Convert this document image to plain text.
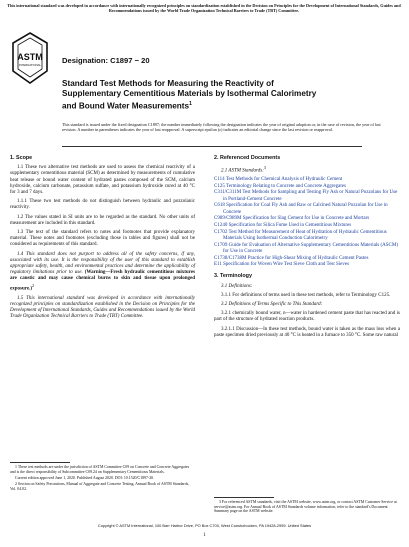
This international standard was developed in accordance with internationally recognized principles on standardization established in the Decision on Principles for the Development of International Standards, Guides and Recommendations issued by the World Trade Organization Technical Barriers to Trade (TBT) Committee.
ASTM
INTERNATIONAL	Designation: C1897 − 20
Standard Test Methods for Measuring the Reactivity of Supplementary Cementitious Materials by Isothermal Calorimetry and Bound Water Measurements$^1$
This standard is issued under the fixed designation C1897; the number immediately following the designation indicates the year of original adoption or, in the case of revision, the year of last revision. A number in parentheses indicates the year of last reapproval. A superscript epsilon (ε) indicates an editorial change since the last revision or reapproval.
1. Scope
1.1 These two alternative test methods are used to assess the chemical reactivity of a supplementary cementitious material (SCM) as determined by measurements of cumulative heat release or bound water content of hydrated pastes composed of the SCM, calcium hydroxide, calcium carbonate, potassium sulfate, and potassium hydroxide cured at 40 °C for 3 and 7 days.
1.1.1 These two test methods do not distinguish between hydraulic and pozzolanic reactivity.
1.2 The values stated in SI units are to be regarded as the standard. No other units of measurement are included in this standard.
1.3 The text of the standard refers to notes and footnotes that provide explanatory material. These notes and footnotes (excluding those in tables and figures) shall not be considered as requirements of this standard.
1.4 This standard does not purport to address all of the safety concerns, if any, associated with its use. It is the responsibility of the user of this standard to establish appropriate safety, health, and environmental practices and determine the applicability of regulatory limitations prior to use. (Warning—Fresh hydraulic cementitious mixtures are caustic and may cause chemical burns to skin and tissue upon prolonged exposure.)$^2$
1.5 This international standard was developed in accordance with internationally recognized principles on standardization established in the Decision on Principles for the Development of International Standards, Guides and Recommendations issued by the World Trade Organization Technical Barriers to Trade (TBT) Committee.
2. Referenced Documents
2.1 ASTM Standards:$^3$
C114 Test Methods for Chemical Analysis of Hydraulic Cement
C125 Terminology Relating to Concrete and Concrete Aggregates
C311/C311M Test Methods for Sampling and Testing Fly Ash or Natural Pozzolans for Use in Portland-Cement Concrete
C618 Specification for Coal Fly Ash and Raw or Calcined Natural Pozzolan for Use in Concrete
C989/C989M Specification for Slag Cement for Use in Concrete and Mortars
C1240 Specification for Silica Fume Used in Cementitious Mixtures
C1702 Test Method for Measurement of Heat of Hydration of Hydraulic Cementitious Materials Using Isothermal Conduction Calorimetry
C1709 Guide for Evaluation of Alternative Supplementary Cementitious Materials (ASCM) for Use in Concrete
C1738/C1738M Practice for High-Shear Mixing of Hydraulic Cement Pastes
E11 Specification for Woven Wire Test Sieve Cloth and Test Sieves
3. Terminology
3.1 Definitions:
3.1.1 For definitions of terms used in these test methods, refer to Terminology C125.
3.2 Definitions of Terms Specific to This Standard:
3.2.1 chemically bound water, n—water in hardened cement paste that has reacted and is part of the structure of hydrated reaction products.
3.2.1.1 Discussion—In these test methods, bound water is taken as the mass loss when a paste specimen dried previously at 40 °C is heated in a furnace to 350 °C. Some raw natural

1 These test methods are under the jurisdiction of ASTM Committee C09 on Concrete and Concrete Aggregates and is the direct responsibility of Subcommittee C09.24 on Supplementary Cementitious Materials.

Current edition approved June 1, 2020. Published August 2020. DOI: 10.1520/C1897-20.

2 Section on Safety Precautions, Manual of Aggregate and Concrete Testing, Annual Book of ASTM Standards, Vol. 04.02.

3 For referenced ASTM standards, visit the ASTM website, www.astm.org, or contact ASTM Customer Service at service@astm.org. For Annual Book of ASTM Standards volume information, refer to the standard's Document Summary page on the ASTM website.

Copyright © ASTM International, 100 Barr Harbor Drive, PO Box C700, West Conshohocken, PA 19428-2959. United States
1
